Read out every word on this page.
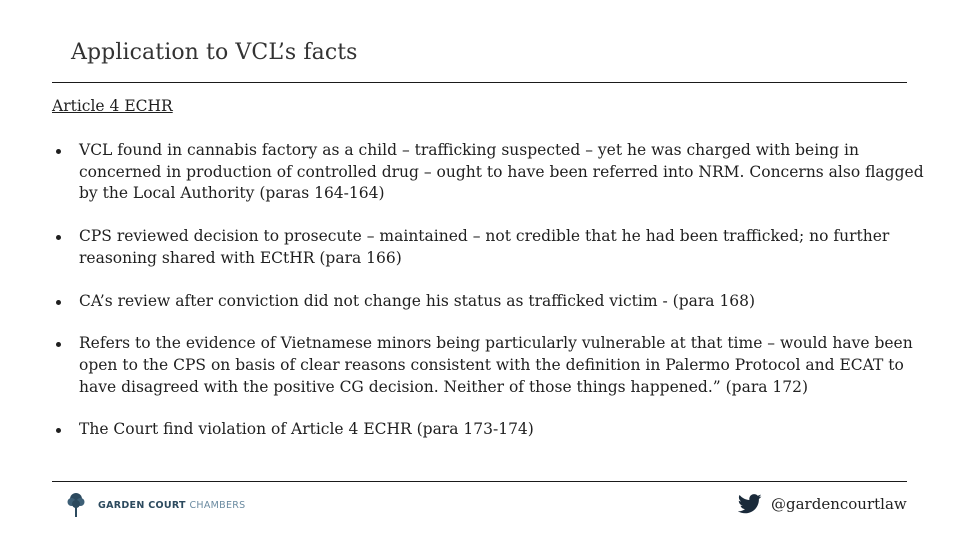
Application to VCL’s facts
Article 4 ECHR
VCL found in cannabis factory as a child – trafficking suspected – yet he was charged with being in concerned in production of controlled drug – ought to have been referred into NRM. Concerns also flagged by the Local Authority (paras 164-164)
CPS reviewed decision to prosecute – maintained – not credible that he had been trafficked; no further reasoning shared with ECtHR (para 166)
CA’s review after conviction did not change his status as trafficked victim - (para 168)
Refers to the evidence of Vietnamese minors being particularly vulnerable at that time – would have been open to the CPS on basis of clear reasons consistent with the definition in Palermo Protocol and ECAT to have disagreed with the positive CG decision. Neither of those things happened.” (para 172)
The Court find violation of Article 4 ECHR (para 173-174)
GARDEN COURT CHAMBERS	@gardencourtlaw
